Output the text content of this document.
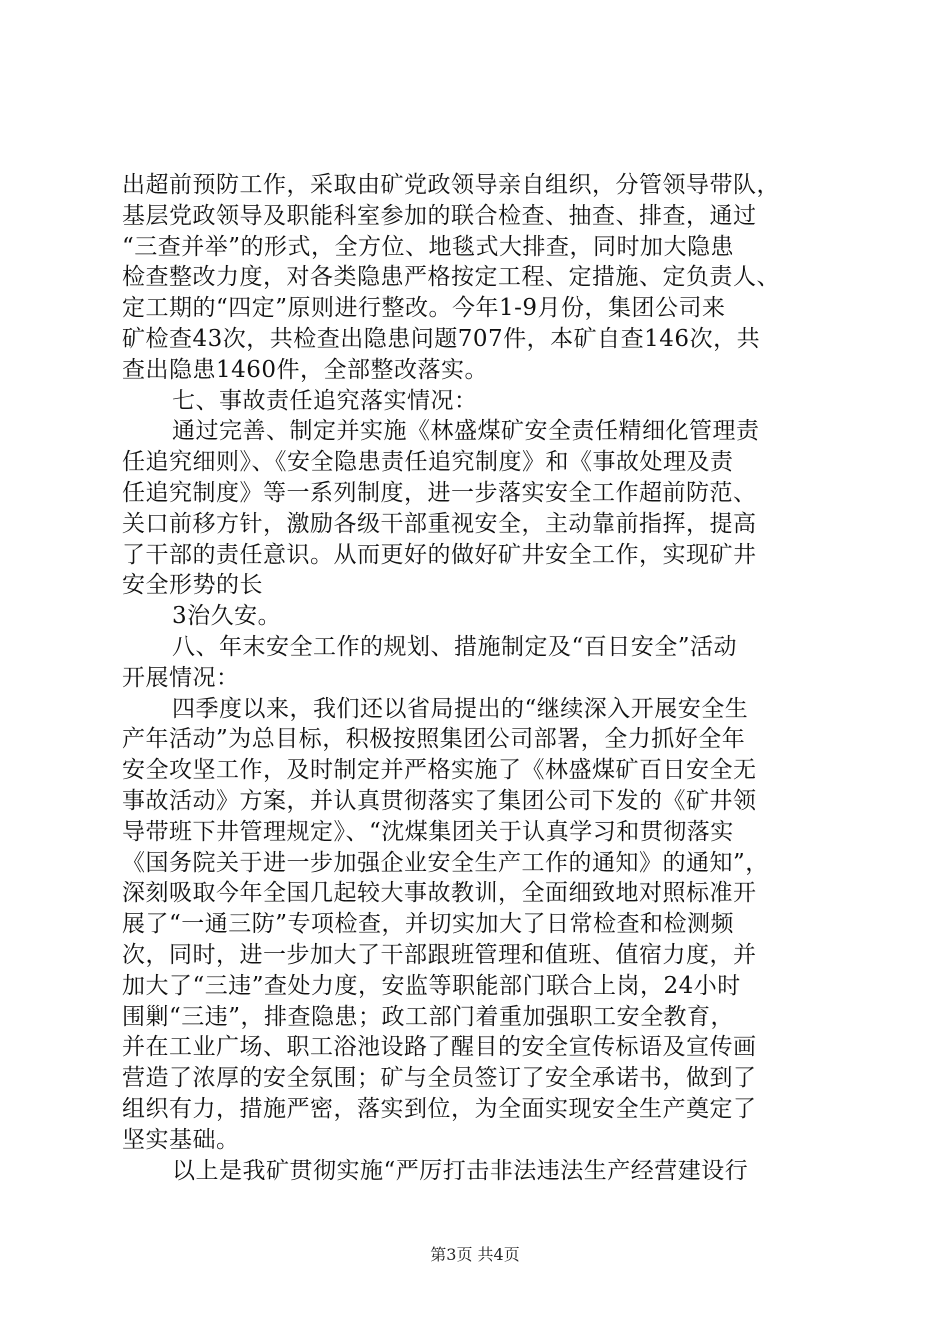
出超前预防工作，采取由矿党政领导亲自组织，分管领导带队，
基层党政领导及职能科室参加的联合检查、抽查、排查，通过
“三查并举”的形式，全方位、地毯式大排查，同时加大隐患
检查整改力度，对各类隐患严格按定工程、定措施、定负责人、
定工期的“四定”原则进行整改。今年1-9月份，集团公司来
矿检查43次，共检查出隐患问题707件，本矿自查146次，共
查出隐患1460件，全部整改落实。
七、事故责任追究落实情况：
通过完善、制定并实施《林盛煤矿安全责任精细化管理责
任追究细则》、《安全隐患责任追究制度》和《事故处理及责
任追究制度》等一系列制度，进一步落实安全工作超前防范、
关口前移方针，激励各级干部重视安全，主动靠前指挥，提高
了干部的责任意识。从而更好的做好矿井安全工作，实现矿井
安全形势的长
3治久安。
八、年末安全工作的规划、措施制定及“百日安全”活动
开展情况：
四季度以来，我们还以省局提出的“继续深入开展安全生
产年活动”为总目标，积极按照集团公司部署，全力抓好全年
安全攻坚工作，及时制定并严格实施了《林盛煤矿百日安全无
事故活动》方案，并认真贯彻落实了集团公司下发的《矿井领
导带班下井管理规定》、“沈煤集团关于认真学习和贯彻落实
《国务院关于进一步加强企业安全生产工作的通知》的通知”，
深刻吸取今年全国几起较大事故教训，全面细致地对照标准开
展了“一通三防”专项检查，并切实加大了日常检查和检测频
次，同时，进一步加大了干部跟班管理和值班、值宿力度，并
加大了“三违”查处力度，安监等职能部门联合上岗，24小时
围剿“三违”，排查隐患；政工部门着重加强职工安全教育，
并在工业广场、职工浴池设路了醒目的安全宣传标语及宣传画
营造了浓厚的安全氛围；矿与全员签订了安全承诺书，做到了
组织有力，措施严密，落实到位，为全面实现安全生产奠定了
坚实基础。
以上是我矿贯彻实施“严厉打击非法违法生产经营建设行
第3页 共4页
